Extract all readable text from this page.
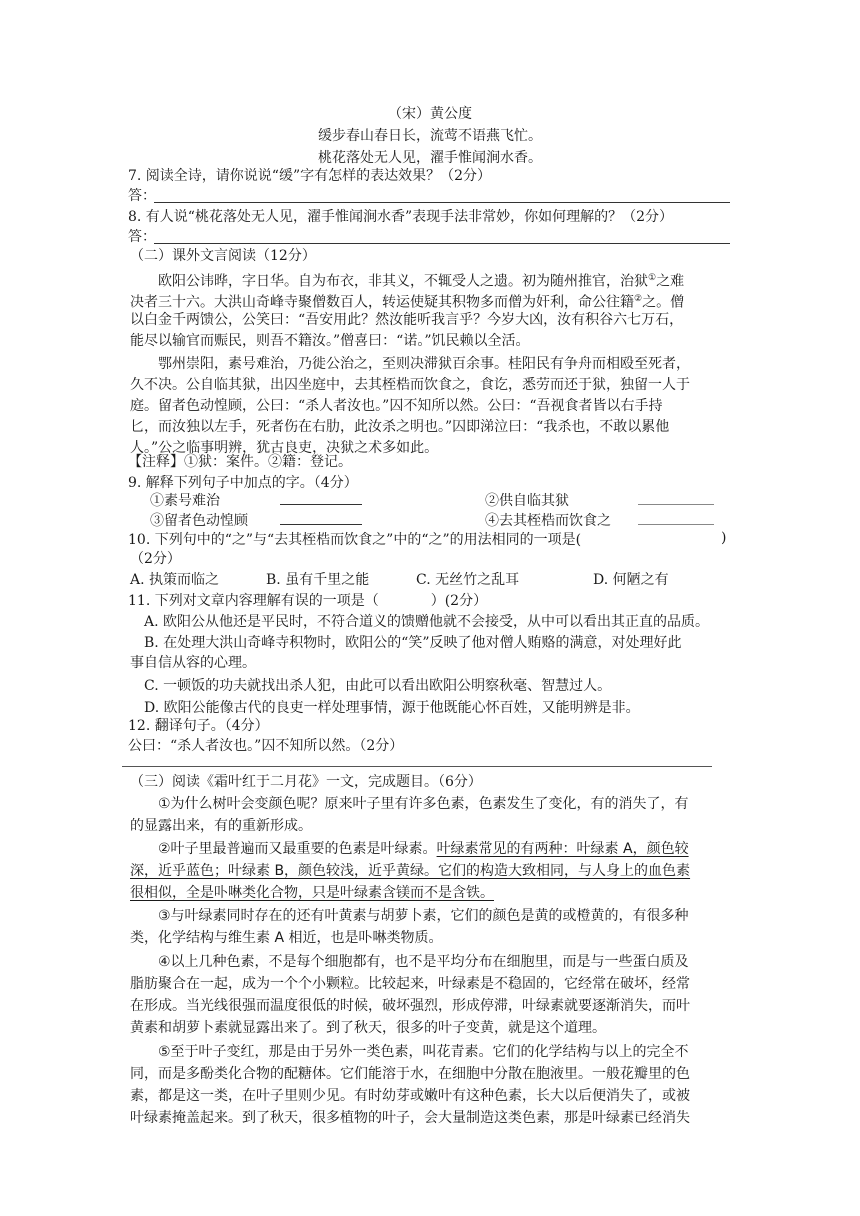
（宋）黄公度
缓步春山春日长，流莺不语燕飞忙。
桃花落处无人见，濯手惟闻涧水香。
7. 阅读全诗，请你说说“缓”字有怎样的表达效果？（2分）
答：
8. 有人说“桃花落处无人见，濯手惟闻涧水香”表现手法非常妙，你如何理解的？（2分）
答：
（二）课外文言阅读（12分）
欧阳公讳晔，字日华。自为布衣，非其义，不辄受人之遗。初为随州推官，治狱①之难
决者三十六。大洪山奇峰寺聚僧数百人，转运使疑其积物多而僧为奸利，命公往籍②之。僧
以白金千两馈公，公笑曰：“吾安用此？然汝能听我言乎？今岁大凶，汝有积谷六七万石，
能尽以输官而赈民，则吾不籍汝。”僧喜曰：“诺。”饥民赖以全活。
鄂州崇阳，素号难治，乃徙公治之，至则决滞狱百余事。桂阳民有争舟而相殴至死者，
久不决。公自临其狱，出囚坐庭中，去其桎梏而饮食之，食讫，悉劳而还于狱，独留一人于
庭。留者色动惶顾，公曰：“杀人者汝也。”囚不知所以然。公曰：“吾视食者皆以右手持
匕，而汝独以左手，死者伤在右肋，此汝杀之明也。”囚即涕泣曰：“我杀也，不敢以累他
人。”公之临事明辨，犹古良吏，决狱之术多如此。
【注释】①狱：案件。②籍：登记。
9. 解释下列句子中加点的字。（4分）
①素号难治	②供自临其狱
③留者色动惶顾	④去其桎梏而饮食之
10. 下列句中的“之”与“去其桎梏而饮食之”中的“之”的用法相同的一项是(	)
（2分）
A. 执策而临之	B. 虽有千里之能	C. 无丝竹之乱耳	D. 何陋之有
11. 下列对文章内容理解有误的一项是（	）(2分）
A. 欧阳公从他还是平民时，不符合道义的馈赠他就不会接受，从中可以看出其正直的品质。
B. 在处理大洪山奇峰寺积物时，欧阳公的“笑”反映了他对僧人贿赂的满意，对处理好此
事自信从容的心理。
C. 一顿饭的功夫就找出杀人犯，由此可以看出欧阳公明察秋毫、智慧过人。
D. 欧阳公能像古代的良吏一样处理事情，源于他既能心怀百姓，又能明辨是非。
12. 翻译句子。（4分）
公曰：“杀人者汝也。”囚不知所以然。（2分）
（三）阅读《霜叶红于二月花》一文，完成题目。（6分）
①为什么树叶会变颜色呢？原来叶子里有许多色素，色素发生了变化，有的消失了，有
的显露出来，有的重新形成。
②叶子里最普遍而又最重要的色素是叶绿素。叶绿素常见的有两种：叶绿素 A，颜色较
深，近乎蓝色；叶绿素 B，颜色较浅，近乎黄绿。它们的构造大致相同，与人身上的血色素
很相似，全是卟啉类化合物，只是叶绿素含镁而不是含铁。
③与叶绿素同时存在的还有叶黄素与胡萝卜素，它们的颜色是黄的或橙黄的，有很多种
类，化学结构与维生素 A 相近，也是卟啉类物质。
④以上几种色素，不是每个细胞都有，也不是平均分布在细胞里，而是与一些蛋白质及
脂肪聚合在一起，成为一个个小颗粒。比较起来，叶绿素是不稳固的，它经常在破坏，经常
在形成。当光线很强而温度很低的时候，破坏强烈，形成停滞，叶绿素就要逐渐消失，而叶
黄素和胡萝卜素就显露出来了。到了秋天，很多的叶子变黄，就是这个道理。
⑤至于叶子变红，那是由于另外一类色素，叫花青素。它们的化学结构与以上的完全不
同，而是多酚类化合物的配糖体。它们能溶于水，在细胞中分散在胞液里。一般花瓣里的色
素，都是这一类，在叶子里则少见。有时幼芽或嫩叶有这种色素，长大以后便消失了，或被
叶绿素掩盖起来。到了秋天，很多植物的叶子，会大量制造这类色素，那是叶绿素已经消失
